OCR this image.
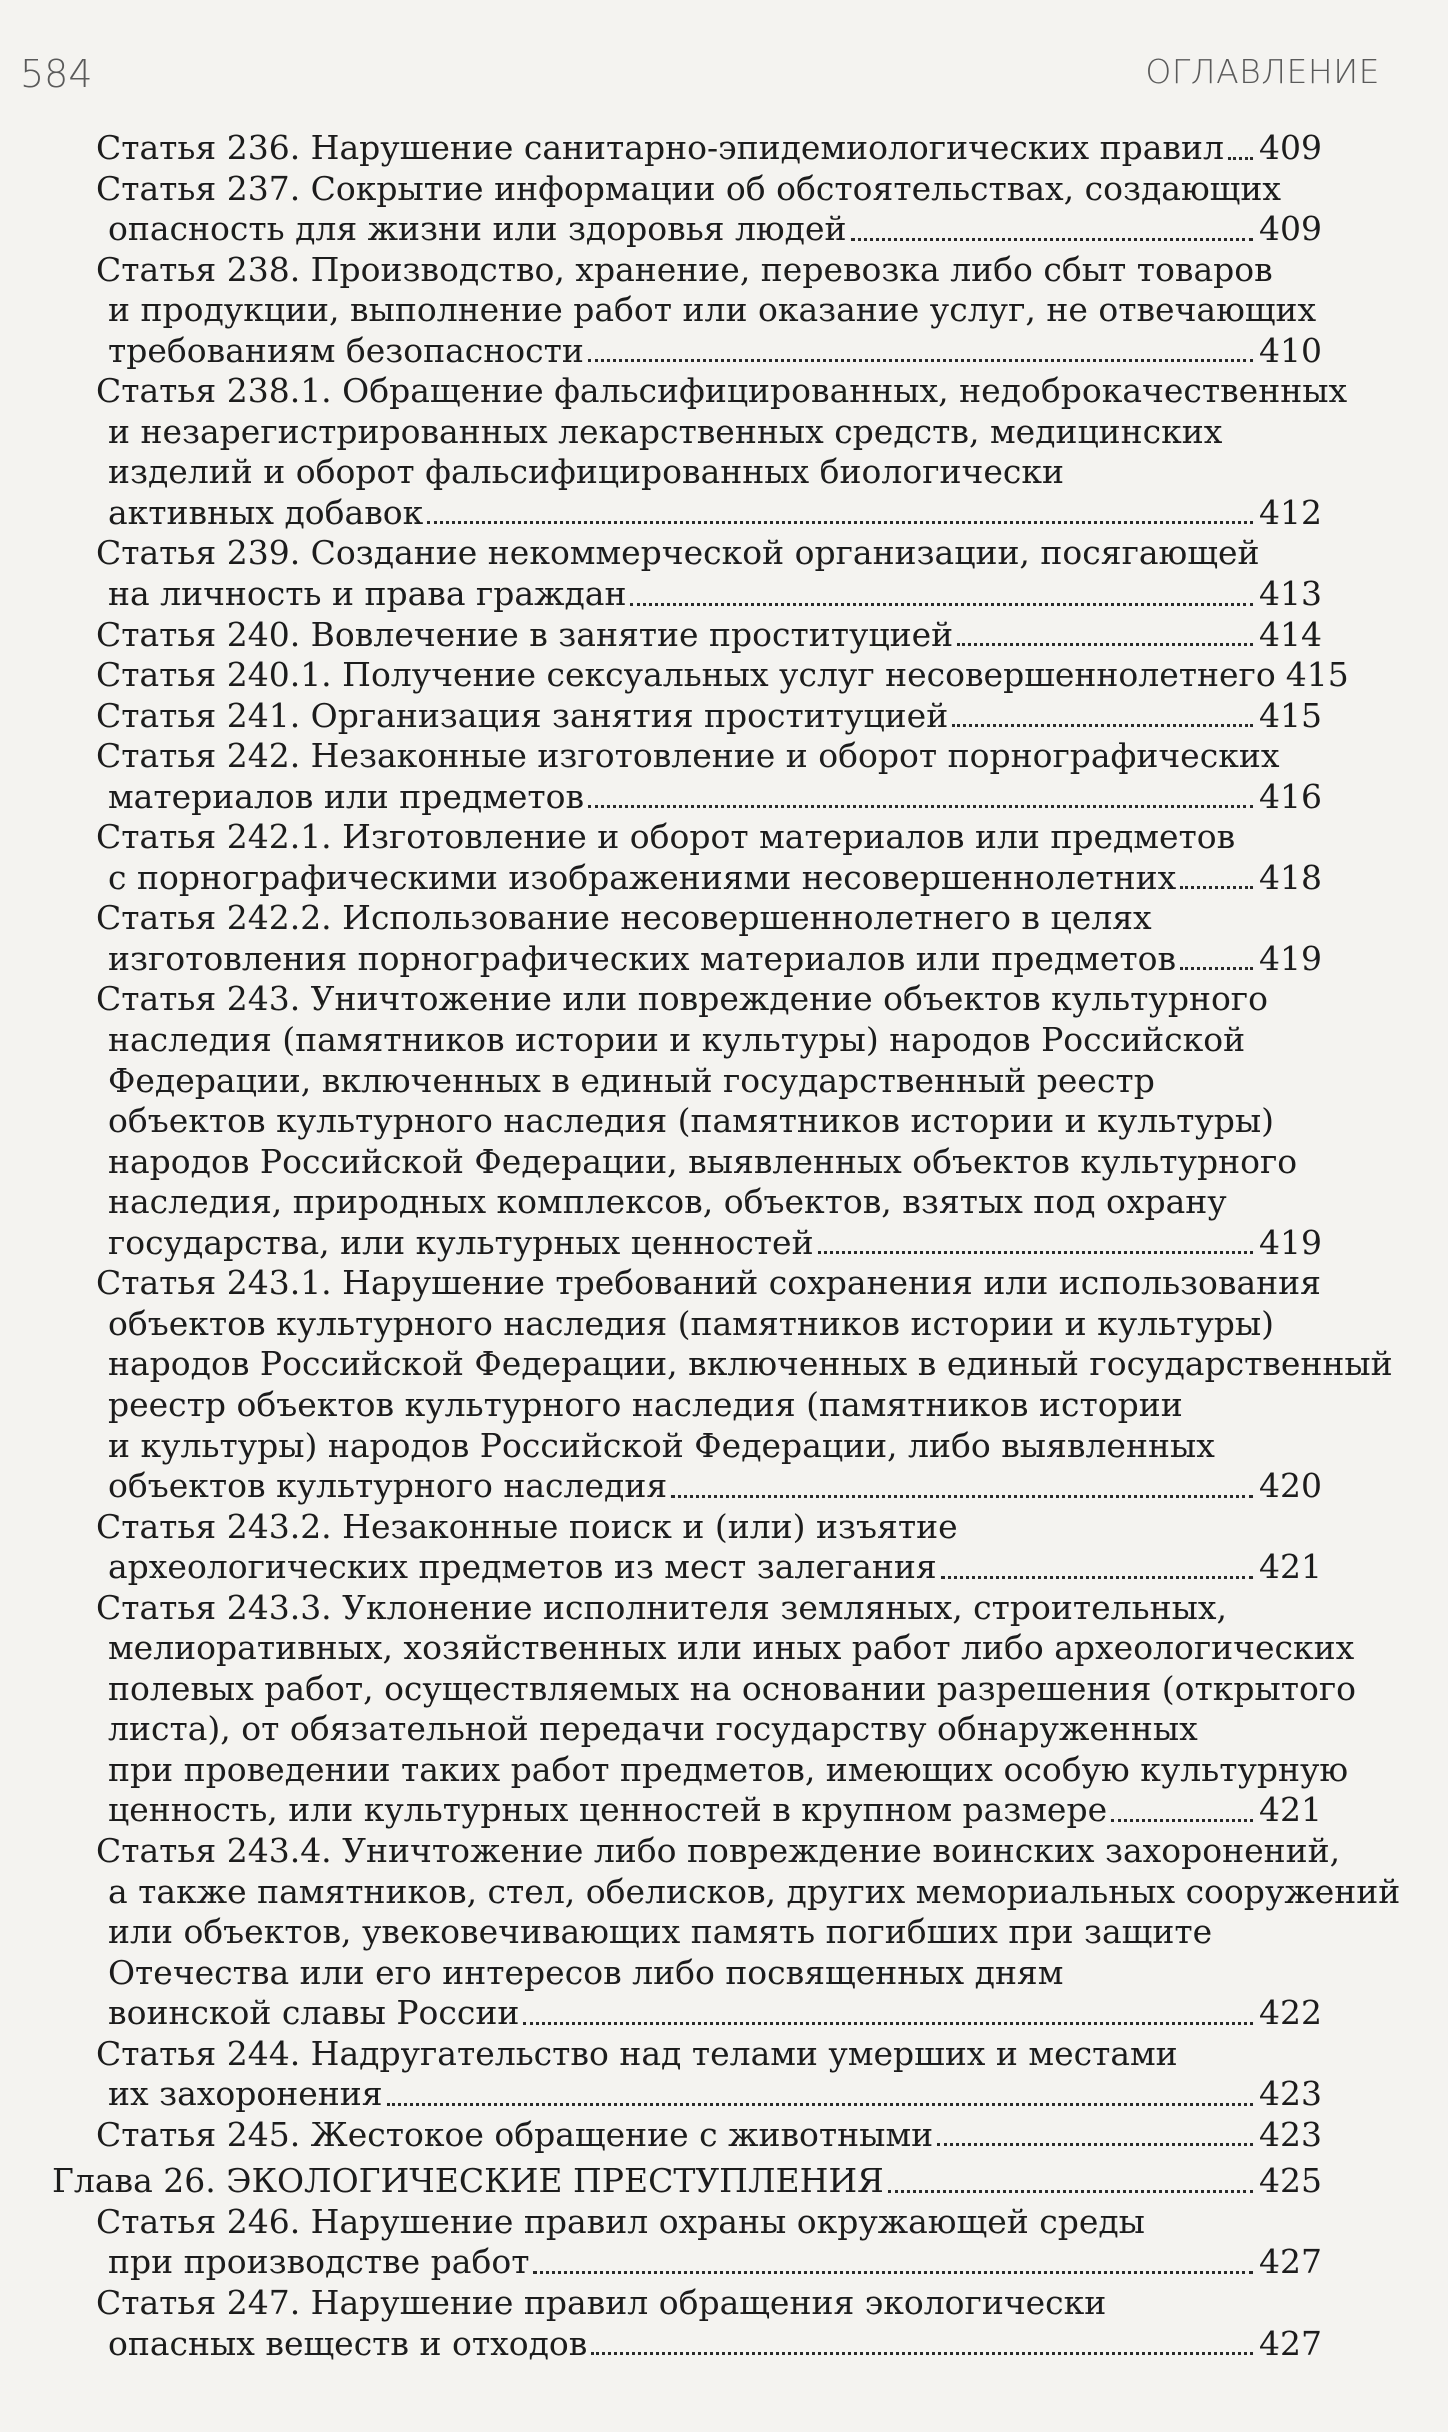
584	ОГЛАВЛЕНИЕ
Статья 236. Нарушение санитарно-эпидемиологических правил 409
Статья 237. Сокрытие информации об обстоятельствах, создающих
опасность для жизни или здоровья людей	409
Статья 238. Производство, хранение, перевозка либо сбыт товаров
и продукции, выполнение работ или оказание услуг, не отвечающих
требованиям безопасности	410
Статья 238.1. Обращение фальсифицированных, недоброкачественных
и незарегистрированных лекарственных средств, медицинских
изделий и оборот фальсифицированных биологически
активных добавок	412
Статья 239. Создание некоммерческой организации, посягающей
на личность и права граждан	413
Статья 240. Вовлечение в занятие проституцией	414
Статья 240.1. Получение сексуальных услуг несовершеннолетнего 415
Статья 241. Организация занятия проституцией	415
Статья 242. Незаконные изготовление и оборот порнографических
материалов или предметов	416
Статья 242.1. Изготовление и оборот материалов или предметов
с порнографическими изображениями несовершеннолетних	418
Статья 242.2. Использование несовершеннолетнего в целях
изготовления порнографических материалов или предметов	419
Статья 243. Уничтожение или повреждение объектов культурного
наследия (памятников истории и культуры) народов Российской
Федерации, включенных в единый государственный реестр
объектов культурного наследия (памятников истории и культуры)
народов Российской Федерации, выявленных объектов культурного
наследия, природных комплексов, объектов, взятых под охрану
государства, или культурных ценностей	419
Статья 243.1. Нарушение требований сохранения или использования
объектов культурного наследия (памятников истории и культуры)
народов Российской Федерации, включенных в единый государственный
реестр объектов культурного наследия (памятников истории
и культуры) народов Российской Федерации, либо выявленных
объектов культурного наследия	420
Статья 243.2. Незаконные поиск и (или) изъятие
археологических предметов из мест залегания	421
Статья 243.3. Уклонение исполнителя земляных, строительных,
мелиоративных, хозяйственных или иных работ либо археологических
полевых работ, осуществляемых на основании разрешения (открытого
листа), от обязательной передачи государству обнаруженных
при проведении таких работ предметов, имеющих особую культурную
ценность, или культурных ценностей в крупном размере	421
Статья 243.4. Уничтожение либо повреждение воинских захоронений,
а также памятников, стел, обелисков, других мемориальных сооружений
или объектов, увековечивающих память погибших при защите
Отечества или его интересов либо посвященных дням
воинской славы России	422
Статья 244. Надругательство над телами умерших и местами
их захоронения	423
Статья 245. Жестокое обращение с животными	423
Глава 26. ЭКОЛОГИЧЕСКИЕ ПРЕСТУПЛЕНИЯ	425
Статья 246. Нарушение правил охраны окружающей среды
при производстве работ	427
Статья 247. Нарушение правил обращения экологически
опасных веществ и отходов	427
